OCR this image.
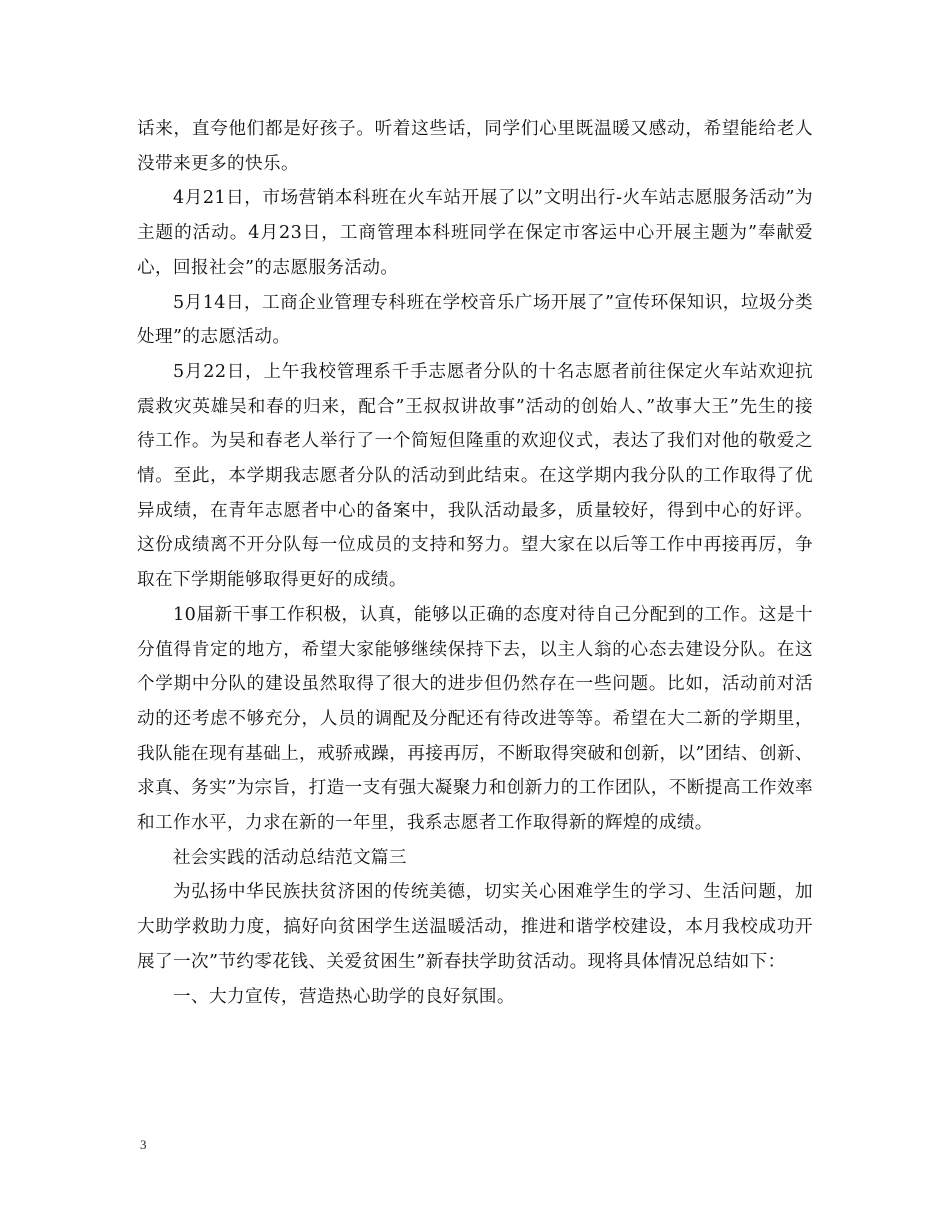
话来，直夸他们都是好孩子。听着这些话，同学们心里既温暖又感动，希望能给老人没带来更多的快乐。

4月21日，市场营销本科班在火车站开展了以”文明出行-火车站志愿服务活动”为主题的活动。4月23日，工商管理本科班同学在保定市客运中心开展主题为”奉献爱心，回报社会”的志愿服务活动。

5月14日，工商企业管理专科班在学校音乐广场开展了”宣传环保知识，垃圾分类处理”的志愿活动。

5月22日，上午我校管理系千手志愿者分队的十名志愿者前往保定火车站欢迎抗震救灾英雄吴和春的归来，配合”王叔叔讲故事”活动的创始人、”故事大王”先生的接待工作。为吴和春老人举行了一个简短但隆重的欢迎仪式，表达了我们对他的敬爱之情。至此，本学期我志愿者分队的活动到此结束。在这学期内我分队的工作取得了优异成绩，在青年志愿者中心的备案中，我队活动最多，质量较好，得到中心的好评。这份成绩离不开分队每一位成员的支持和努力。望大家在以后等工作中再接再厉，争取在下学期能够取得更好的成绩。

10届新干事工作积极，认真，能够以正确的态度对待自己分配到的工作。这是十分值得肯定的地方，希望大家能够继续保持下去，以主人翁的心态去建设分队。在这个学期中分队的建设虽然取得了很大的进步但仍然存在一些问题。比如，活动前对活动的还考虑不够充分，人员的调配及分配还有待改进等等。希望在大二新的学期里，我队能在现有基础上，戒骄戒躁，再接再厉，不断取得突破和创新，以”团结、创新、求真、务实”为宗旨，打造一支有强大凝聚力和创新力的工作团队，不断提高工作效率和工作水平，力求在新的一年里，我系志愿者工作取得新的辉煌的成绩。

社会实践的活动总结范文篇三

为弘扬中华民族扶贫济困的传统美德，切实关心困难学生的学习、生活问题，加大助学救助力度，搞好向贫困学生送温暖活动，推进和谐学校建设，本月我校成功开展了一次”节约零花钱、关爱贫困生”新春扶学助贫活动。现将具体情况总结如下：

一、大力宣传，营造热心助学的良好氛围。

3
